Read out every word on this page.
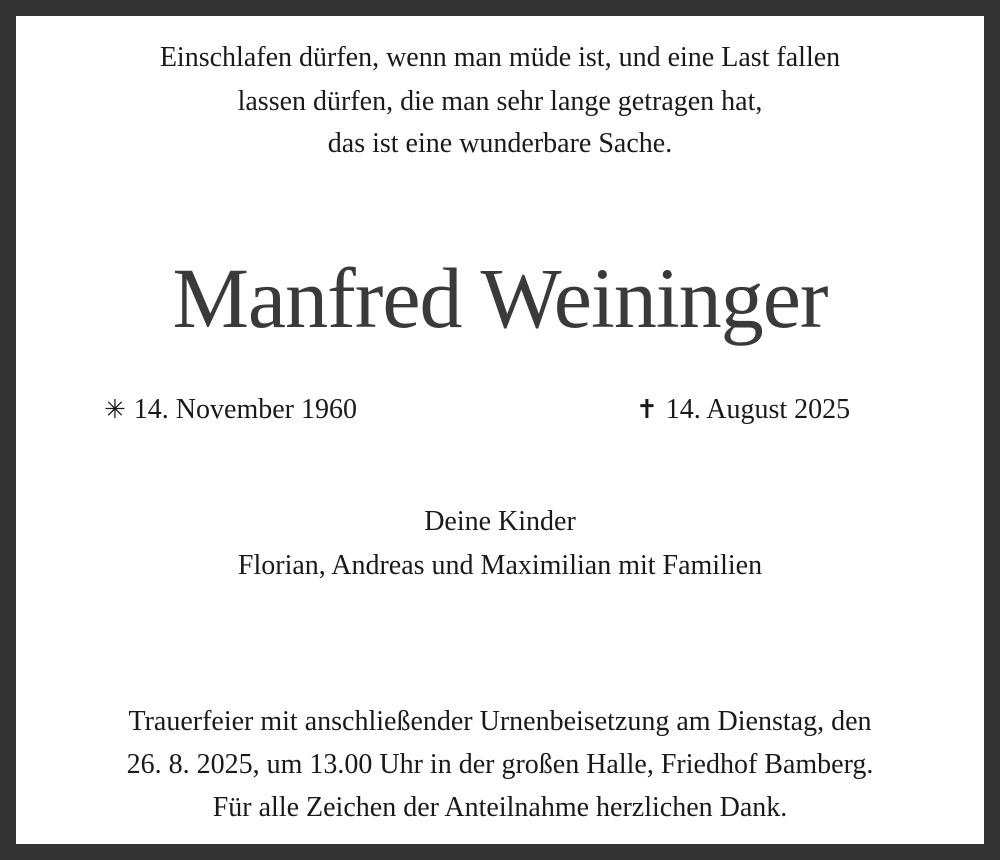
Einschlafen dürfen, wenn man müde ist, und eine Last fallen
lassen dürfen, die man sehr lange getragen hat,
das ist eine wunderbare Sache.
Manfred Weininger
✳ 14. November 1960	✝ 14. August 2025
Deine Kinder
Florian, Andreas und Maximilian mit Familien
Trauerfeier mit anschließender Urnenbeisetzung am Dienstag, den
26. 8. 2025, um 13.00 Uhr in der großen Halle, Friedhof Bamberg.
Für alle Zeichen der Anteilnahme herzlichen Dank.
